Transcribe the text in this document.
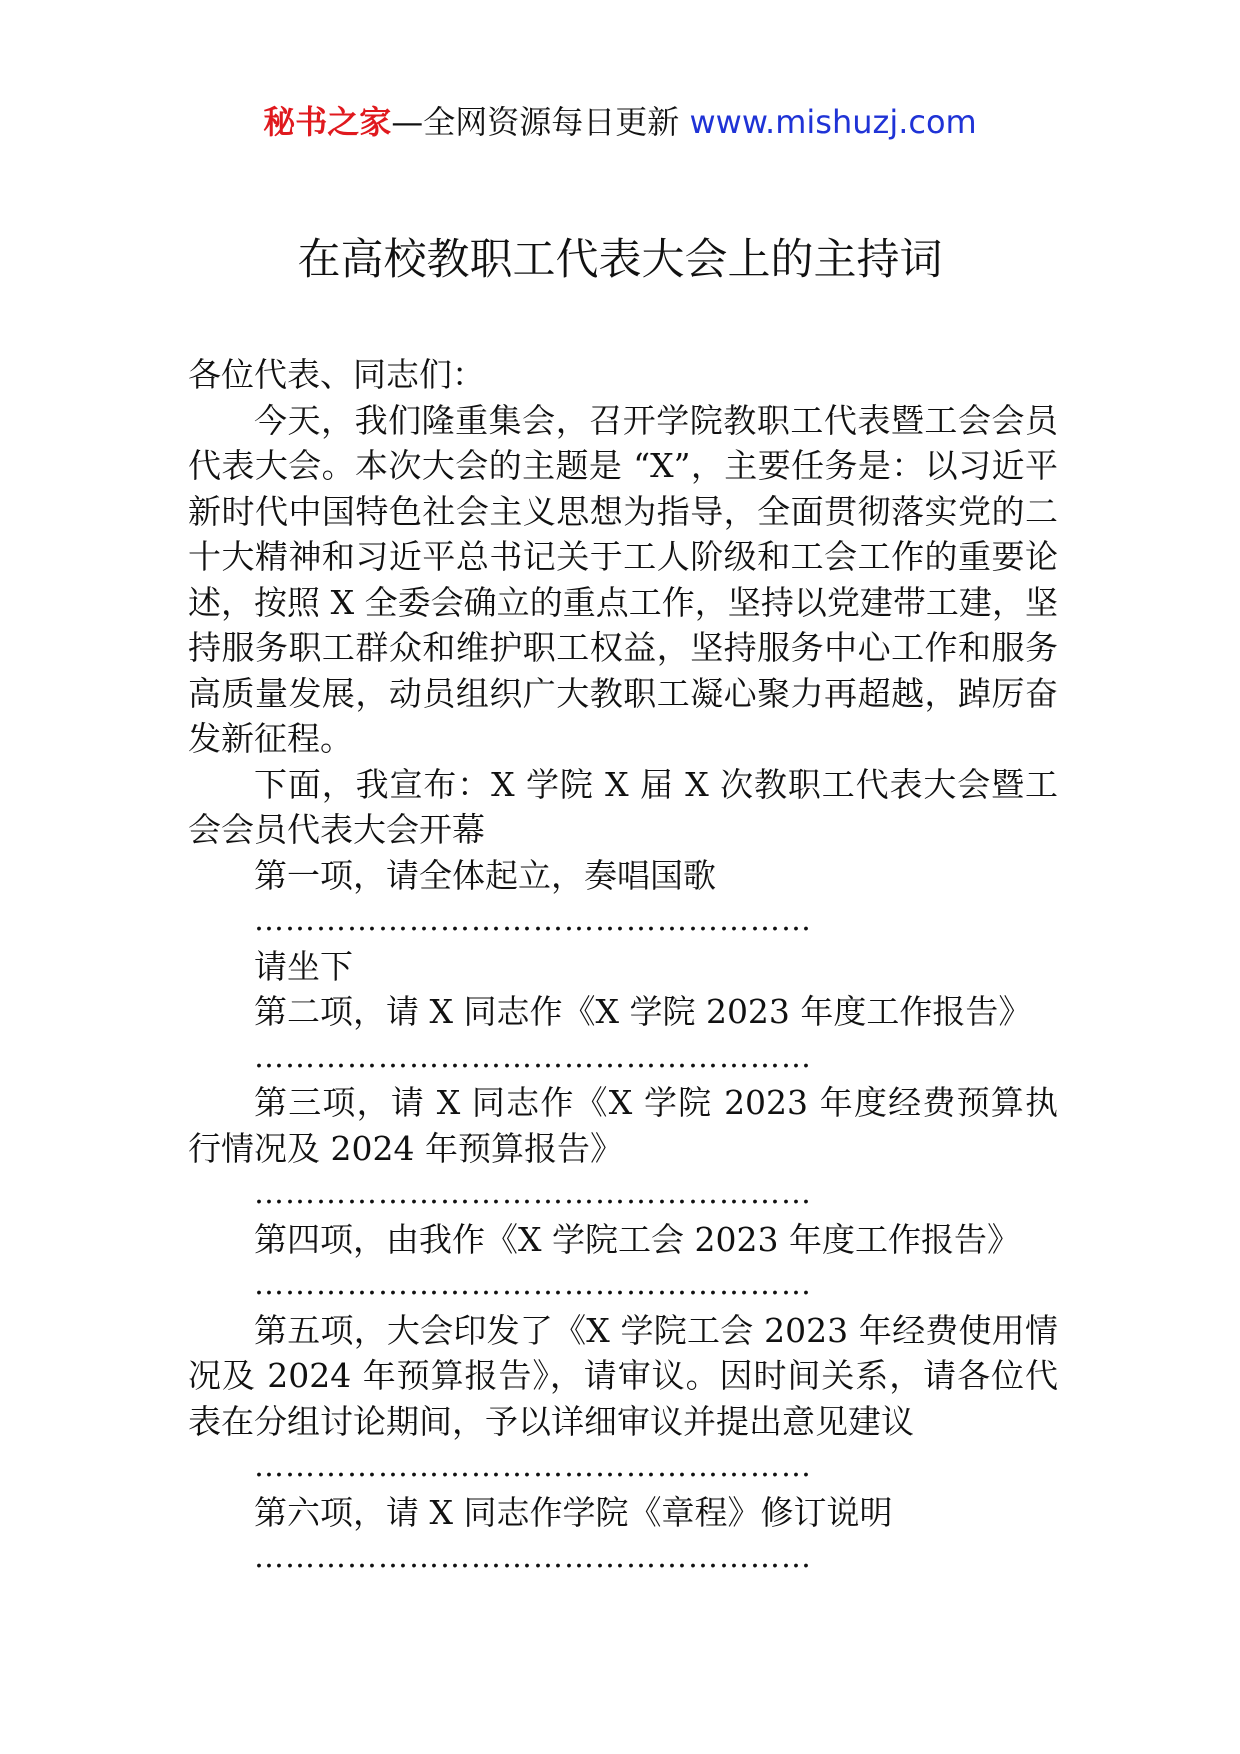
秘书之家—全网资源每日更新 www.mishuzj.com
在高校教职工代表大会上的主持词

各位代表、同志们：

今天，我们隆重集会，召开学院教职工代表暨工会会员代表大会。本次大会的主题是 “X”，主要任务是：以习近平新时代中国特色社会主义思想为指导，全面贯彻落实党的二十大精神和习近平总书记关于工人阶级和工会工作的重要论述，按照 X 全委会确立的重点工作，坚持以党建带工建，坚持服务职工群众和维护职工权益，坚持服务中心工作和服务高质量发展，动员组织广大教职工凝心聚力再超越，踔厉奋发新征程。

下面，我宣布：X 学院 X 届 X 次教职工代表大会暨工会会员代表大会开幕

第一项，请全体起立，奏唱国歌

………………………………………………

请坐下

第二项，请 X 同志作《X 学院 2023 年度工作报告》

………………………………………………

第三项，请 X 同志作《X 学院 2023 年度经费预算执行情况及 2024 年预算报告》

………………………………………………

第四项，由我作《X 学院工会 2023 年度工作报告》

………………………………………………

第五项，大会印发了《X 学院工会 2023 年经费使用情况及 2024 年预算报告》，请审议。因时间关系，请各位代表在分组讨论期间，予以详细审议并提出意见建议

………………………………………………

第六项，请 X 同志作学院《章程》修订说明

………………………………………………
